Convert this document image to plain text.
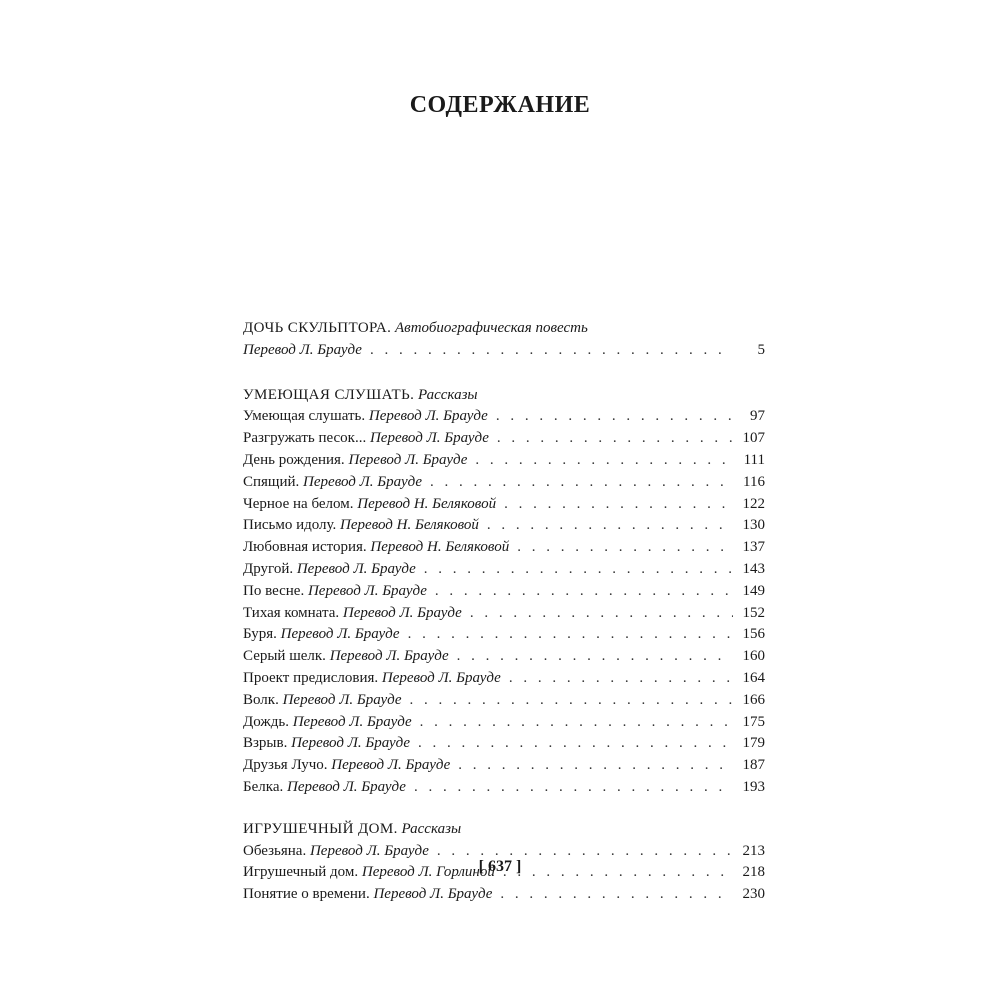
СОДЕРЖАНИЕ
ДОЧЬ СКУЛЬПТОРА. Автобиографическая повесть
Перевод Л. Брауде . . .	5
УМЕЮЩАЯ СЛУШАТЬ. Рассказы
Умеющая слушать. Перевод Л. Брауде . . .	97
Разгружать песок... Перевод Л. Брауде . . .	107
День рождения. Перевод Л. Брауде . . .	111
Спящий. Перевод Л. Брауде . . .	116
Черное на белом. Перевод Н. Беляковой . . .	122
Письмо идолу. Перевод Н. Беляковой . . .	130
Любовная история. Перевод Н. Беляковой . . .	137
Другой. Перевод Л. Брауде . . .	143
По весне. Перевод Л. Брауде . . .	149
Тихая комната. Перевод Л. Брауде . . .	152
Буря. Перевод Л. Брауде . . .	156
Серый шелк. Перевод Л. Брауде . . .	160
Проект предисловия. Перевод Л. Брауде . . .	164
Волк. Перевод Л. Брауде . . .	166
Дождь. Перевод Л. Брауде . . .	175
Взрыв. Перевод Л. Брауде . . .	179
Друзья Лучо. Перевод Л. Брауде . . .	187
Белка. Перевод Л. Брауде . . .	193
ИГРУШЕЧНЫЙ ДОМ. Рассказы
Обезьяна. Перевод Л. Брауде . . .	213
Игрушечный дом. Перевод Л. Горлиной . . .	218
Понятие о времени. Перевод Л. Брауде . . .	230
[ 637 ]
